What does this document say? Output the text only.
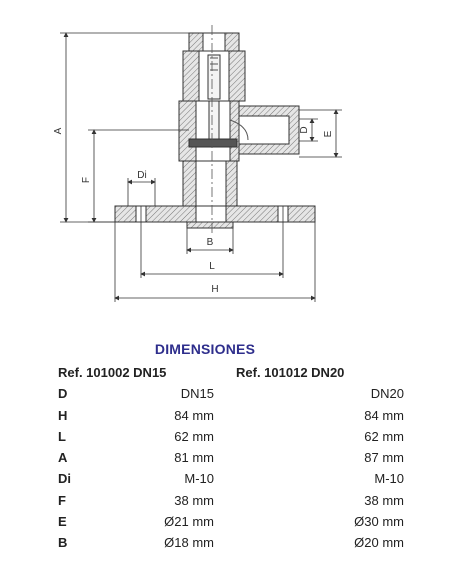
A
F
D
E
Di
B
L
H
DIMENSIONES
Ref. 101002 DN15		Ref. 101012 DN20
D	DN15	DN20
H	84 mm	84 mm
L	62 mm	62 mm
A	81 mm	87 mm
Di	M-10	M-10
F	38 mm	38 mm
E	Ø21 mm	Ø30 mm
B	Ø18 mm	Ø20 mm
